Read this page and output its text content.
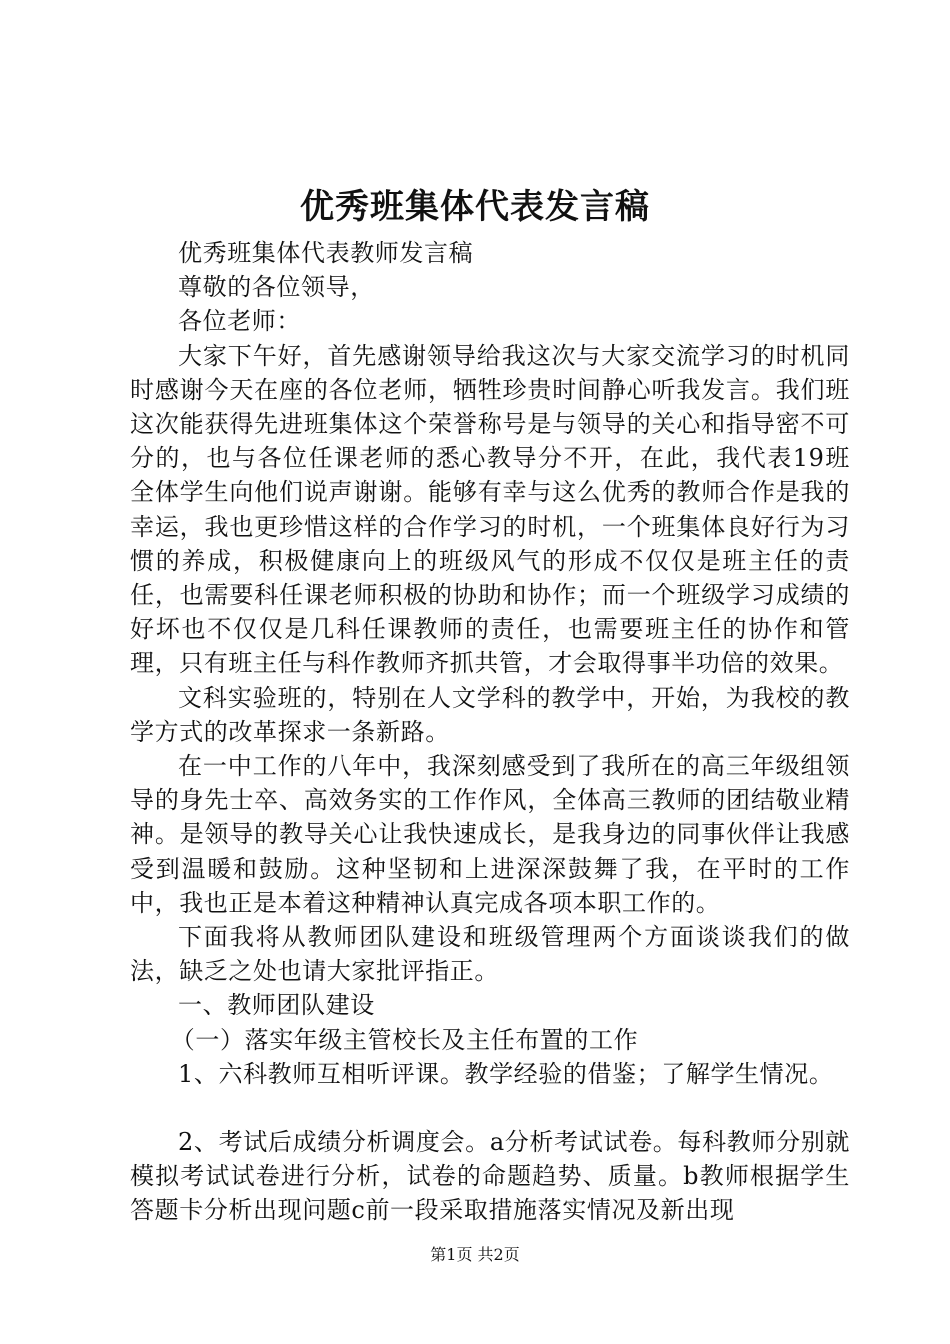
优秀班集体代表发言稿

优秀班集体代表教师发言稿

尊敬的各位领导，

各位老师：

大家下午好，首先感谢领导给我这次与大家交流学习的时机同时感谢今天在座的各位老师，牺牲珍贵时间静心听我发言。我们班这次能获得先进班集体这个荣誉称号是与领导的关心和指导密不可分的，也与各位任课老师的悉心教导分不开，在此，我代表19班全体学生向他们说声谢谢。能够有幸与这么优秀的教师合作是我的幸运，我也更珍惜这样的合作学习的时机，一个班集体良好行为习惯的养成，积极健康向上的班级风气的形成不仅仅是班主任的责任，也需要科任课老师积极的协助和协作；而一个班级学习成绩的好坏也不仅仅是几科任课教师的责任，也需要班主任的协作和管理，只有班主任与科作教师齐抓共管，才会取得事半功倍的效果。

文科实验班的，特别在人文学科的教学中，开始，为我校的教学方式的改革探求一条新路。

在一中工作的八年中，我深刻感受到了我所在的高三年级组领导的身先士卒、高效务实的工作作风，全体高三教师的团结敬业精神。是领导的教导关心让我快速成长，是我身边的同事伙伴让我感受到温暖和鼓励。这种坚韧和上进深深鼓舞了我，在平时的工作中，我也正是本着这种精神认真完成各项本职工作的。

下面我将从教师团队建设和班级管理两个方面谈谈我们的做法，缺乏之处也请大家批评指正。

一、教师团队建设

（一）落实年级主管校长及主任布置的工作

1、六科教师互相听评课。教学经验的借鉴；了解学生情况。

2、考试后成绩分析调度会。a分析考试试卷。每科教师分别就模拟考试试卷进行分析，试卷的命题趋势、质量。b教师根据学生答题卡分析出现问题c前一段采取措施落实情况及新出现

第1页 共2页
